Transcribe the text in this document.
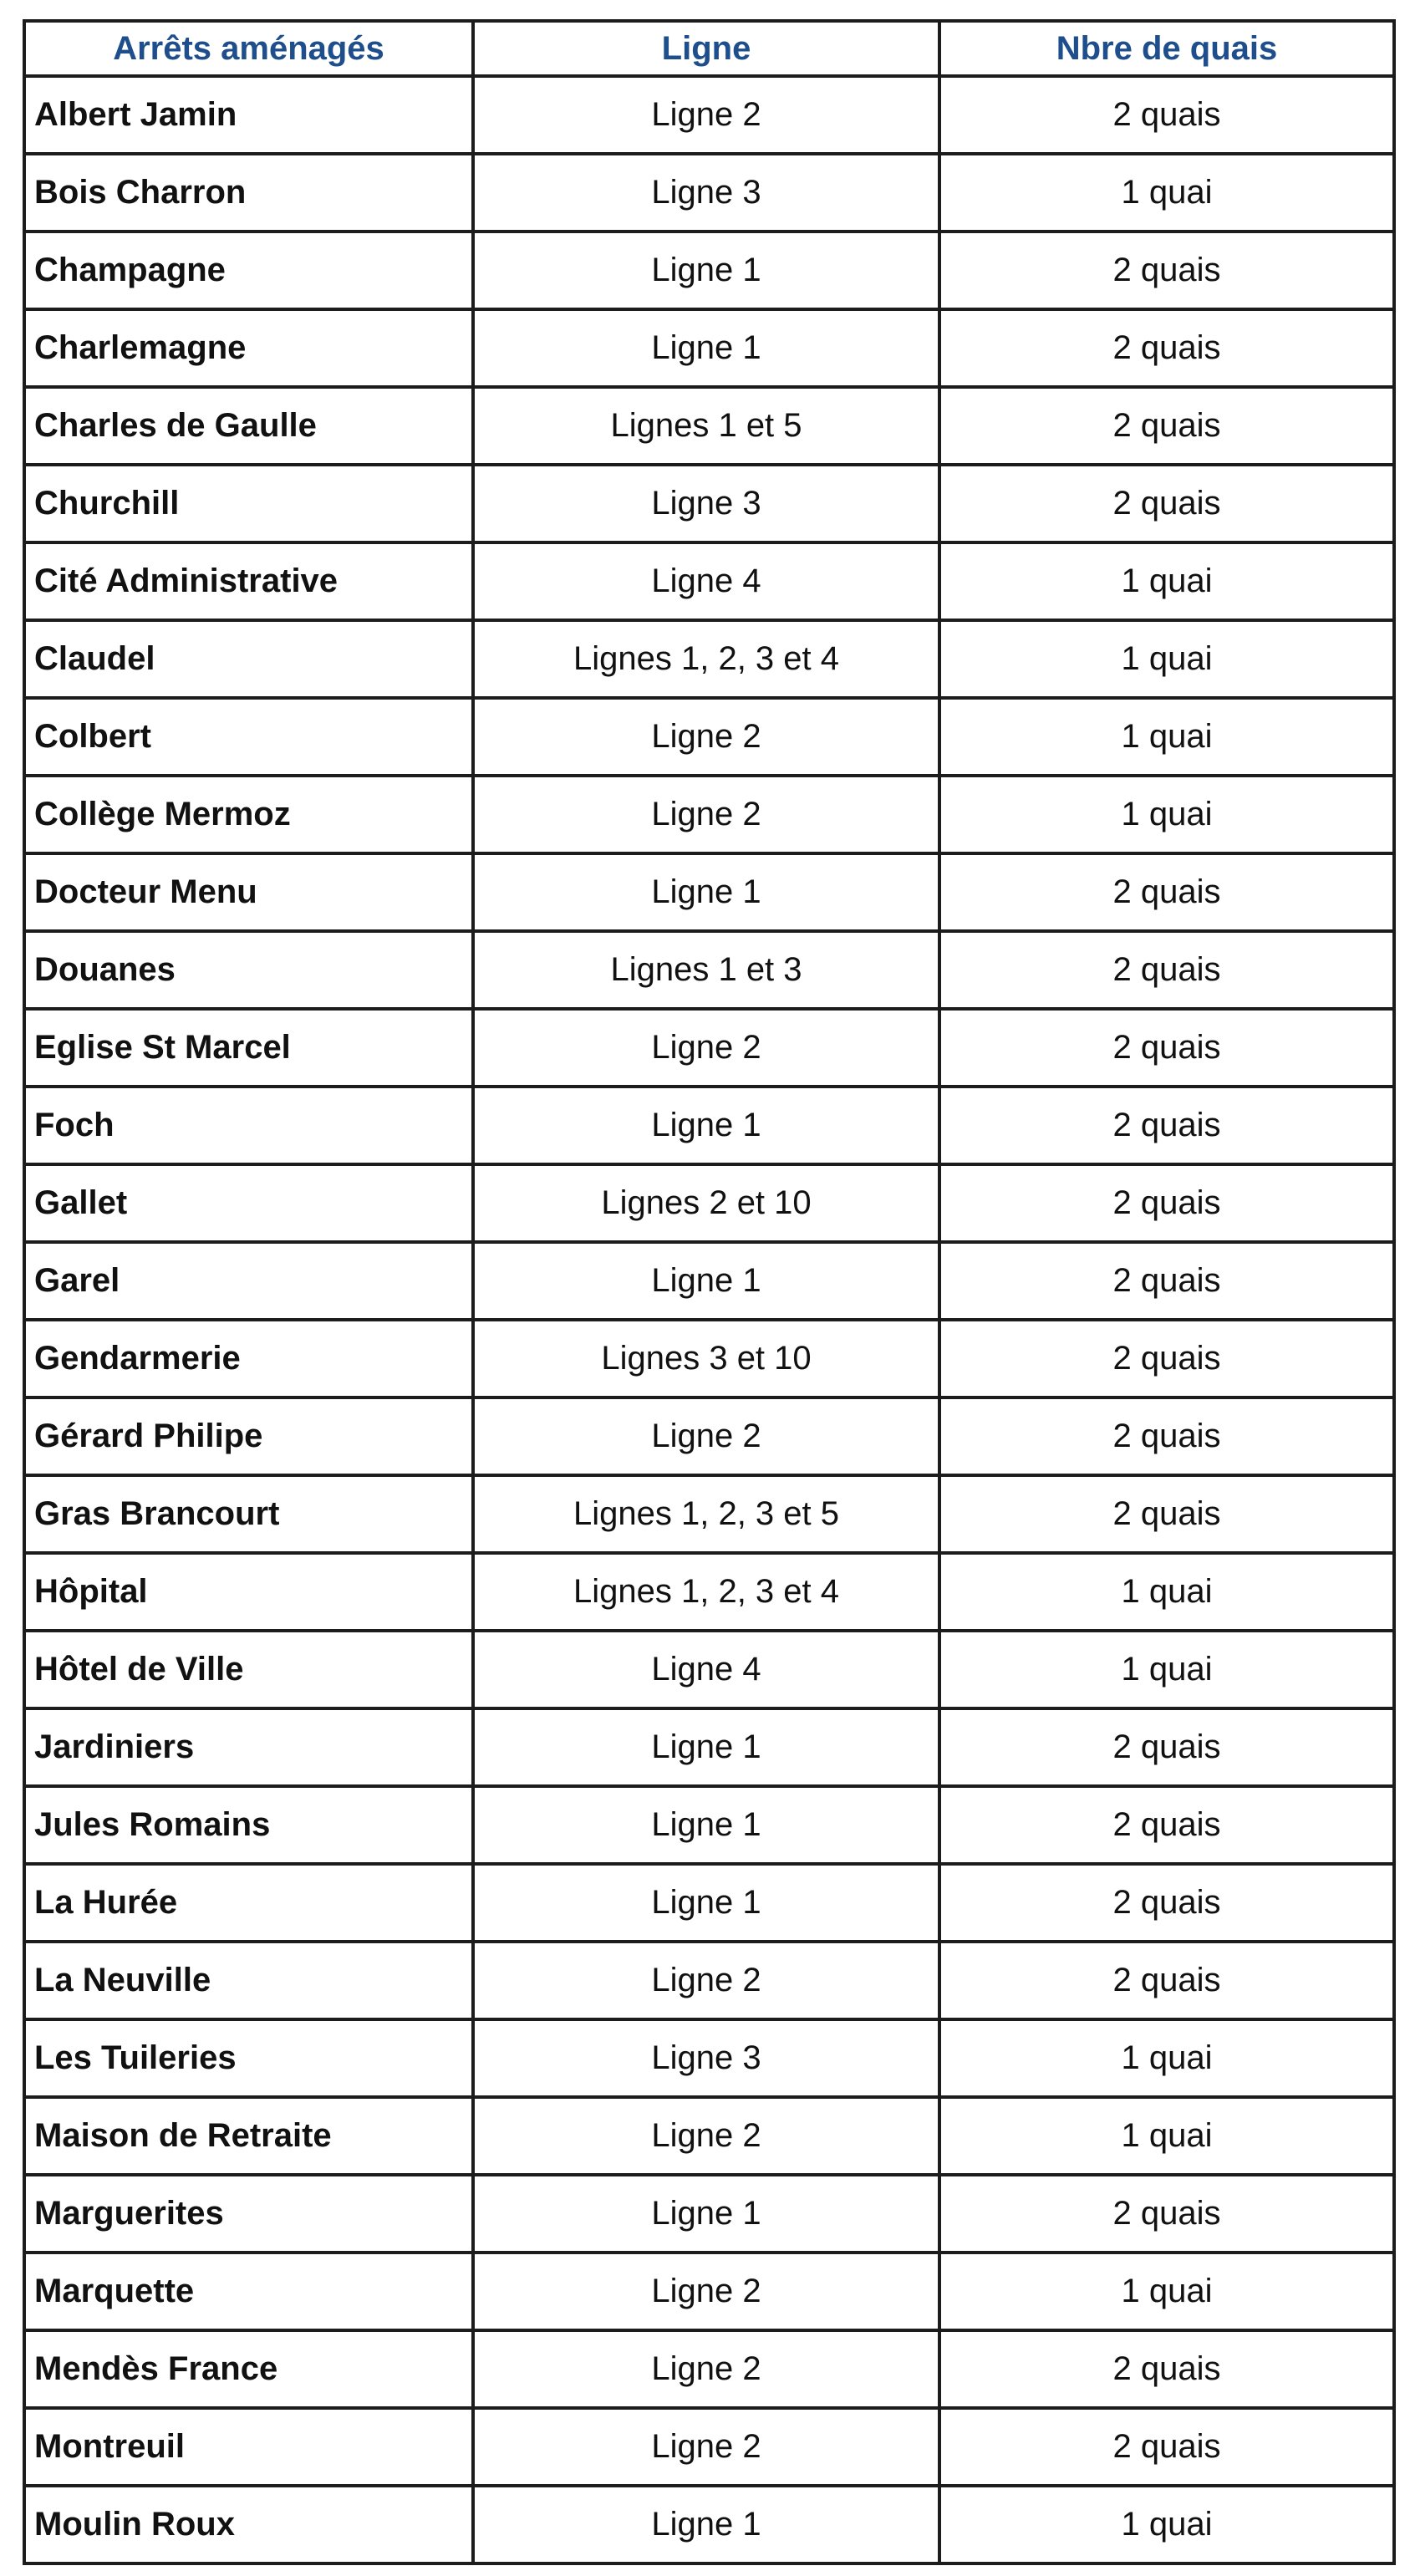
Arrêts aménagés	Ligne	Nbre de quais
Albert Jamin	Ligne 2	2 quais
Bois Charron	Ligne 3	1 quai
Champagne	Ligne 1	2 quais
Charlemagne	Ligne 1	2 quais
Charles de Gaulle	Lignes 1 et 5	2 quais
Churchill	Ligne 3	2 quais
Cité Administrative	Ligne 4	1 quai
Claudel	Lignes 1, 2, 3 et 4	1 quai
Colbert	Ligne 2	1 quai
Collège Mermoz	Ligne 2	1 quai
Docteur Menu	Ligne 1	2 quais
Douanes	Lignes 1 et 3	2 quais
Eglise St Marcel	Ligne 2	2 quais
Foch	Ligne 1	2 quais
Gallet	Lignes 2 et 10	2 quais
Garel	Ligne 1	2 quais
Gendarmerie	Lignes 3 et 10	2 quais
Gérard Philipe	Ligne 2	2 quais
Gras Brancourt	Lignes 1, 2, 3 et 5	2 quais
Hôpital	Lignes 1, 2, 3 et 4	1 quai
Hôtel de Ville	Ligne 4	1 quai
Jardiniers	Ligne 1	2 quais
Jules Romains	Ligne 1	2 quais
La Hurée	Ligne 1	2 quais
La Neuville	Ligne 2	2 quais
Les Tuileries	Ligne 3	1 quai
Maison de Retraite	Ligne 2	1 quai
Marguerites	Ligne 1	2 quais
Marquette	Ligne 2	1 quai
Mendès France	Ligne 2	2 quais
Montreuil	Ligne 2	2 quais
Moulin Roux	Ligne 1	1 quai
